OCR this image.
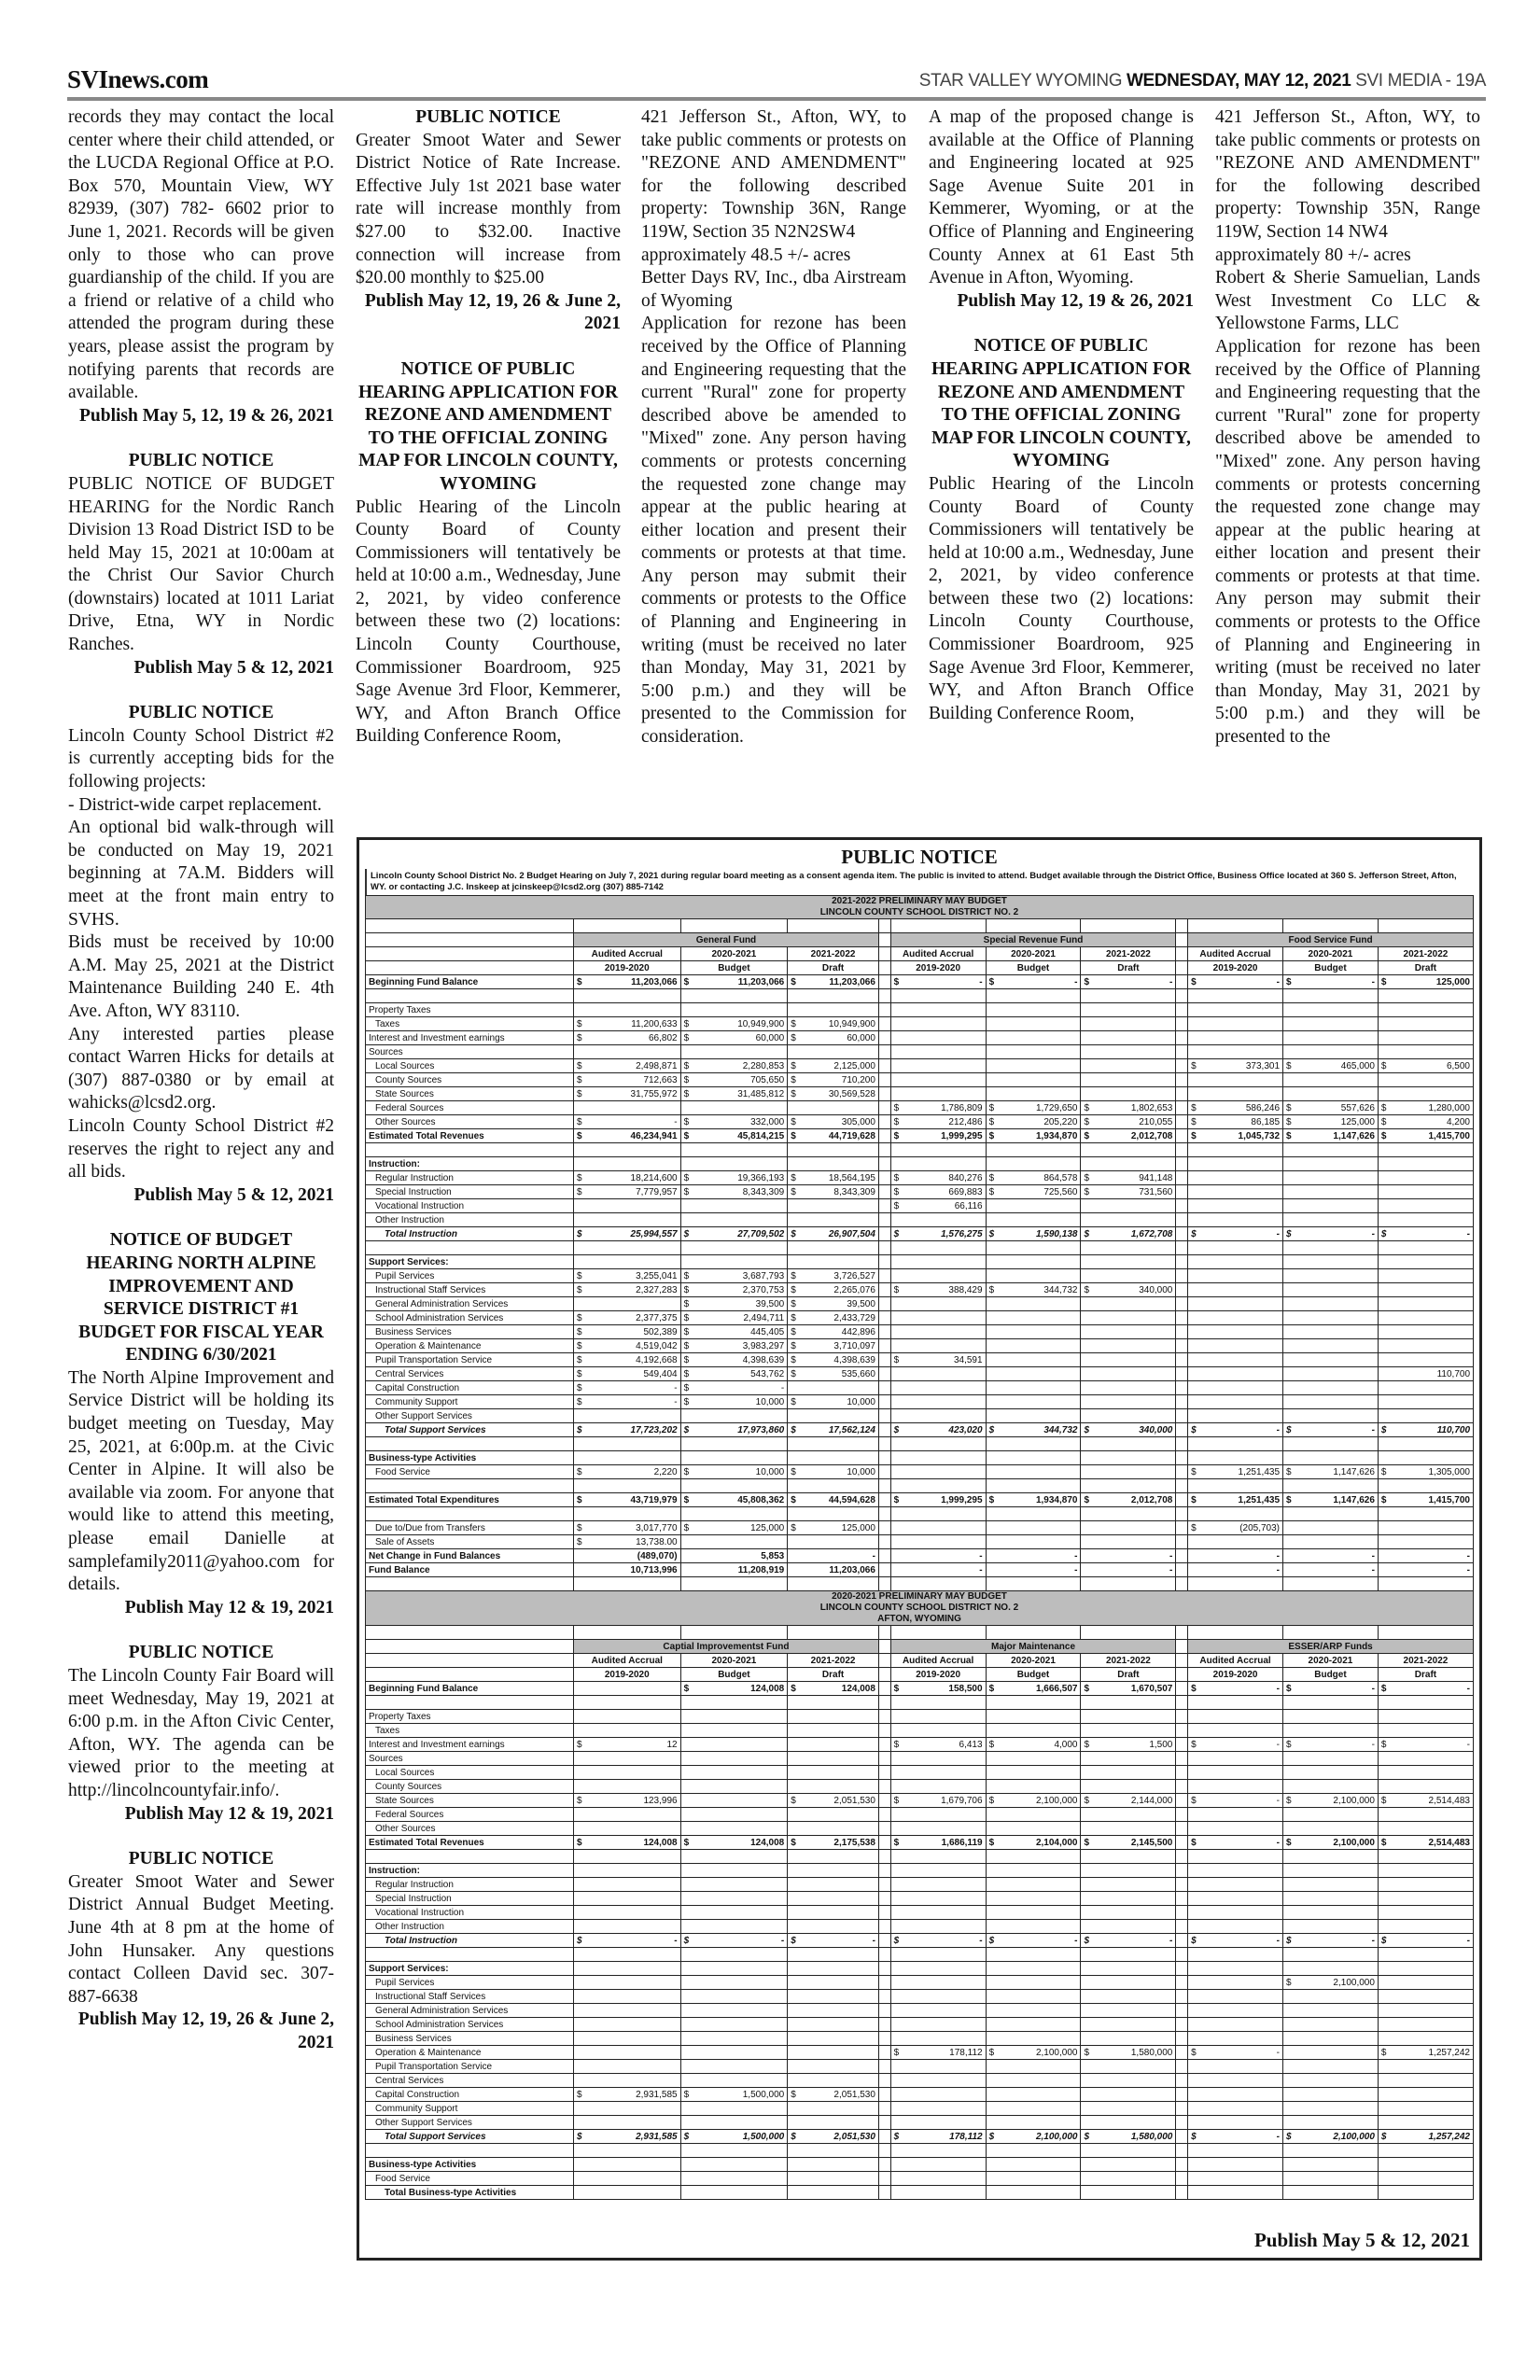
SVInews.com	STAR VALLEY WYOMING WEDNESDAY, MAY 12, 2021 SVI MEDIA - 19A

records they may contact the local center where their child attended, or the LUCDA Regional Office at P.O. Box 570, Mountain View, WY 82939, (307) 782- 6602 prior to June 1, 2021. Records will be given only to those who can prove guardianship of the child. If you are a friend or relative of a child who attended the program during these years, please assist the program by notifying parents that records are available.

Publish May 5, 12, 19 & 26, 2021

PUBLIC NOTICE

PUBLIC NOTICE OF BUDGET HEARING for the Nordic Ranch Division 13 Road District ISD to be held May 15, 2021 at 10:00am at the Christ Our Savior Church (downstairs) located at 1011 Lariat Drive, Etna, WY in Nordic Ranches.

Publish May 5 & 12, 2021

PUBLIC NOTICE

Lincoln County School District #2 is currently accepting bids for the following projects:

- District-wide carpet replacement.

An optional bid walk-through will be conducted on May 19, 2021 beginning at 7A.M. Bidders will meet at the front main entry to SVHS.

Bids must be received by 10:00 A.M. May 25, 2021 at the District Maintenance Building 240 E. 4th Ave. Afton, WY 83110.

Any interested parties please contact Warren Hicks for details at (307) 887-0380 or by email at wahicks@lcsd2.org.

Lincoln County School District #2 reserves the right to reject any and all bids.

Publish May 5 & 12, 2021

NOTICE OF BUDGET HEARING NORTH ALPINE IMPROVEMENT AND SERVICE DISTRICT #1 BUDGET FOR FISCAL YEAR ENDING 6/30/2021

The North Alpine Improvement and Service District will be holding its budget meeting on Tuesday, May 25, 2021, at 6:00p.m. at the Civic Center in Alpine. It will also be available via zoom. For anyone that would like to attend this meeting, please email Danielle at samplefamily2011@yahoo.com for details.

Publish May 12 & 19, 2021

PUBLIC NOTICE

The Lincoln County Fair Board will meet Wednesday, May 19, 2021 at 6:00 p.m. in the Afton Civic Center, Afton, WY. The agenda can be viewed prior to the meeting at http://lincolncountyfair.info/.

Publish May 12 & 19, 2021

PUBLIC NOTICE

Greater Smoot Water and Sewer District Annual Budget Meeting. June 4th at 8 pm at the home of John Hunsaker. Any questions contact Colleen David sec. 307-887-6638

Publish May 12, 19, 26 & June 2, 2021

PUBLIC NOTICE

Greater Smoot Water and Sewer District Notice of Rate Increase. Effective July 1st 2021 base water rate will increase monthly from $27.00 to $32.00. Inactive connection will increase from $20.00 monthly to $25.00

Publish May 12, 19, 26 & June 2, 2021

NOTICE OF PUBLIC HEARING APPLICATION FOR REZONE AND AMENDMENT TO THE OFFICIAL ZONING MAP FOR LINCOLN COUNTY, WYOMING

Public Hearing of the Lincoln County Board of County Commissioners will tentatively be held at 10:00 a.m., Wednesday, June 2, 2021, by video conference between these two (2) locations: Lincoln County Courthouse, Commissioner Boardroom, 925 Sage Avenue 3rd Floor, Kemmerer, WY, and Afton Branch Office Building Conference Room,

421 Jefferson St., Afton, WY, to take public comments or protests on "REZONE AND AMENDMENT" for the following described property: Township 36N, Range 119W, Section 35 N2N2SW4

approximately 48.5 +/- acres

Better Days RV, Inc., dba Airstream of Wyoming

Application for rezone has been received by the Office of Planning and Engineering requesting that the current "Rural" zone for property described above be amended to "Mixed" zone. Any person having comments or protests concerning the requested zone change may appear at the public hearing at either location and present their comments or protests at that time. Any person may submit their comments or protests to the Office of Planning and Engineering in writing (must be received no later than Monday, May 31, 2021 by 5:00 p.m.) and they will be presented to the Commission for consideration.

A map of the proposed change is available at the Office of Planning and Engineering located at 925 Sage Avenue Suite 201 in Kemmerer, Wyoming, or at the Office of Planning and Engineering County Annex at 61 East 5th Avenue in Afton, Wyoming.

Publish May 12, 19 & 26, 2021

NOTICE OF PUBLIC HEARING APPLICATION FOR REZONE AND AMENDMENT TO THE OFFICIAL ZONING MAP FOR LINCOLN COUNTY, WYOMING

Public Hearing of the Lincoln County Board of County Commissioners will tentatively be held at 10:00 a.m., Wednesday, June 2, 2021, by video conference between these two (2) locations: Lincoln County Courthouse, Commissioner Boardroom, 925 Sage Avenue 3rd Floor, Kemmerer, WY, and Afton Branch Office Building Conference Room,

421 Jefferson St., Afton, WY, to take public comments or protests on "REZONE AND AMENDMENT" for the following described property: Township 35N, Range 119W, Section 14 NW4

approximately 80 +/- acres

Robert & Sherie Samuelian, Lands West Investment Co LLC & Yellowstone Farms, LLC

Application for rezone has been received by the Office of Planning and Engineering requesting that the current "Rural" zone for property described above be amended to "Mixed" zone. Any person having comments or protests concerning the requested zone change may appear at the public hearing at either location and present their comments or protests at that time. Any person may submit their comments or protests to the Office of Planning and Engineering in writing (must be received no later than Monday, May 31, 2021 by 5:00 p.m.) and they will be presented to the

PUBLIC NOTICE
Lincoln County School District No. 2 Budget Hearing on July 7, 2021 during regular board meeting as a consent agenda item. The public is invited to attend. Budget available through the District Office, Business Office located at 360 S. Jefferson Street, Afton, WY. or contacting J.C. Inskeep at jcinskeep@lcsd2.org (307) 885-7142
2021-2022 PRELIMINARY MAY BUDGET
LINCOLN COUNTY SCHOOL DISTRICT NO. 2											

	General Fund				Special Revenue Fund				Food Service Fund		
	Audited Accrual	2020-2021	2021-2022		Audited Accrual	2020-2021	2021-2022		Audited Accrual	2020-2021	2021-2022
	2019-2020	Budget	Draft		2019-2020	Budget	Draft		2019-2020	Budget	Draft
Beginning Fund Balance	$ 11,203,066	$ 11,203,066	$ 11,203,066		$ -	$ -	$ -		$ -	$ -	$ 125,000

Property Taxes											
Taxes	$ 11,200,633	$ 10,949,900	$ 10,949,900								
Interest and Investment earnings	$ 66,802	$ 60,000	$ 60,000								
Sources											
Local Sources	$ 2,498,871	$ 2,280,853	$ 2,125,000						$ 373,301	$ 465,000	$ 6,500
County Sources	$ 712,663	$ 705,650	$ 710,200								
State Sources	$ 31,755,972	$ 31,485,812	$ 30,569,528								
Federal Sources					$ 1,786,809	$ 1,729,650	$ 1,802,653		$ 586,246	$ 557,626	$ 1,280,000
Other Sources	$ -	$ 332,000	$ 305,000		$ 212,486	$ 205,220	$ 210,055		$ 86,185	$ 125,000	$ 4,200
Estimated Total Revenues	$ 46,234,941	$ 45,814,215	$ 44,719,628		$ 1,999,295	$ 1,934,870	$ 2,012,708		$ 1,045,732	$ 1,147,626	$ 1,415,700

Instruction:											
Regular Instruction	$ 18,214,600	$ 19,366,193	$ 18,564,195		$ 840,276	$ 864,578	$ 941,148				
Special Instruction	$ 7,779,957	$ 8,343,309	$ 8,343,309		$ 669,883	$ 725,560	$ 731,560				
Vocational Instruction					$ 66,116						
Other Instruction											
Total Instruction	$ 25,994,557	$ 27,709,502	$ 26,907,504		$ 1,576,275	$ 1,590,138	$ 1,672,708		$ -	$ -	$ -

Support Services:											
Pupil Services	$ 3,255,041	$ 3,687,793	$ 3,726,527								
Instructional Staff Services	$ 2,327,283	$ 2,370,753	$ 2,265,076		$ 388,429	$ 344,732	$ 340,000				
General Administration Services		$ 39,500	$ 39,500								
School Administration Services	$ 2,377,375	$ 2,494,711	$ 2,433,729								
Business Services	$ 502,389	$ 445,405	$ 442,896								
Operation & Maintenance	$ 4,519,042	$ 3,983,297	$ 3,710,097								
Pupil Transportation Service	$ 4,192,668	$ 4,398,639	$ 4,398,639		$ 34,591						
Central Services	$ 549,404	$ 543,762	$ 535,660								110,700
Capital Construction	$ -	$ -									
Community Support	$ -	$ 10,000	$ 10,000								
Other Support Services											
Total Support Services	$ 17,723,202	$ 17,973,860	$ 17,562,124		$ 423,020	$ 344,732	$ 340,000		$ -	$ -	$ 110,700

Business-type Activities											
Food Service	$ 2,220	$ 10,000	$ 10,000						$ 1,251,435	$ 1,147,626	$ 1,305,000

Estimated Total Expenditures	$ 43,719,979	$ 45,808,362	$ 44,594,628		$ 1,999,295	$ 1,934,870	$ 2,012,708		$ 1,251,435	$ 1,147,626	$ 1,415,700

Due to/Due from Transfers	$ 3,017,770	$ 125,000	$ 125,000						$ (205,703)		
Sale of Assets	$ 13,738.00										
Net Change in Fund Balances	(489,070)	5,853	-		-	-	-		-	-	-
Fund Balance	10,713,996	11,208,919	11,203,066		-	-	-		-	-	-

2020-2021 PRELIMINARY MAY BUDGET
LINCOLN COUNTY SCHOOL DISTRICT NO. 2
AFTON, WYOMING											

	Captial Improvementst Fund				Major Maintenance				ESSER/ARP Funds		
	Audited Accrual	2020-2021	2021-2022		Audited Accrual	2020-2021	2021-2022		Audited Accrual	2020-2021	2021-2022
	2019-2020	Budget	Draft		2019-2020	Budget	Draft		2019-2020	Budget	Draft
Beginning Fund Balance		$ 124,008	$ 124,008		$ 158,500	$ 1,666,507	$ 1,670,507		$ -	$ -	$ -

Property Taxes											
Taxes											
Interest and Investment earnings	$ 12				$ 6,413	$ 4,000	$ 1,500		$ -	$ -	$ -
Sources											
Local Sources											
County Sources											
State Sources	$ 123,996		$ 2,051,530		$ 1,679,706	$ 2,100,000	$ 2,144,000		$ -	$ 2,100,000	$ 2,514,483
Federal Sources											
Other Sources											
Estimated Total Revenues	$ 124,008	$ 124,008	$ 2,175,538		$ 1,686,119	$ 2,104,000	$ 2,145,500		$ -	$ 2,100,000	$ 2,514,483

Instruction:											
Regular Instruction											
Special Instruction											
Vocational Instruction											
Other Instruction											
Total Instruction	$ -	$ -	$ -		$ -	$ -	$ -		$ -	$ -	$ -

Support Services:											
Pupil Services										$ 2,100,000	
Instructional Staff Services											
General Administration Services											
School Administration Services											
Business Services											
Operation & Maintenance					$ 178,112	$ 2,100,000	$ 1,580,000		$ -		$ 1,257,242
Pupil Transportation Service											
Central Services											
Capital Construction	$ 2,931,585	$ 1,500,000	$ 2,051,530								
Community Support											
Other Support Services											
Total Support Services	$ 2,931,585	$ 1,500,000	$ 2,051,530		$ 178,112	$ 2,100,000	$ 1,580,000		$ -	$ 2,100,000	$ 1,257,242

Business-type Activities											
Food Service											
Total Business-type Activities											
Publish May 5 & 12, 2021
